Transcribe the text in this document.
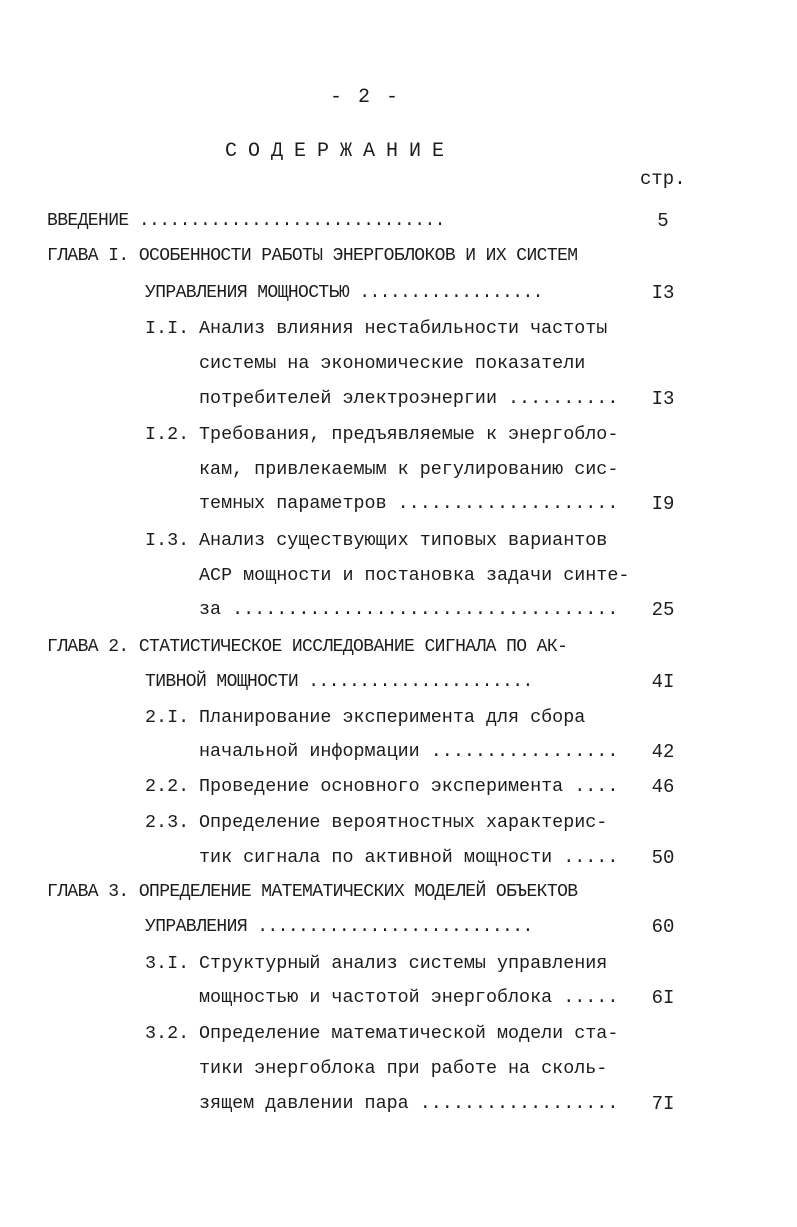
- 2 -
СОДЕРЖАНИЕ
стр.
ВВЕДЕНИЕ ..............................	5
ГЛАВА I. ОСОБЕННОСТИ РАБОТЫ ЭНЕРГОБЛОКОВ И ИХ СИСТЕМ
УПРАВЛЕНИЯ МОЩНОСТЬЮ ..................	I3
I.I. Анализ влияния нестабильности частоты
системы на экономические показатели
потребителей электроэнергии .......... I3
I.2. Требования, предъявляемые к энергобло-
кам, привлекаемым к регулированию сис-
темных параметров .................... I9
I.3. Анализ существующих типовых вариантов
АСР мощности и постановка задачи синте-
за ................................... 25
ГЛАВА 2. СТАТИСТИЧЕСКОЕ ИССЛЕДОВАНИЕ СИГНАЛА ПО АК-
ТИВНОЙ МОЩНОСТИ ......................	4I
2.I. Планирование эксперимента для сбора
начальной информации ................. 42
2.2. Проведение основного эксперимента .... 46
2.3. Определение вероятностных характерис-
тик сигнала по активной мощности ..... 50
ГЛАВА 3. ОПРЕДЕЛЕНИЕ МАТЕМАТИЧЕСКИХ МОДЕЛЕЙ ОБЪЕКТОВ
УПРАВЛЕНИЯ ...........................	60
3.I. Структурный анализ системы управления
мощностью и частотой энергоблока ..... 6I
3.2. Определение математической модели ста-
тики энергоблока при работе на сколь-
зящем давлении пара .................. 7I
